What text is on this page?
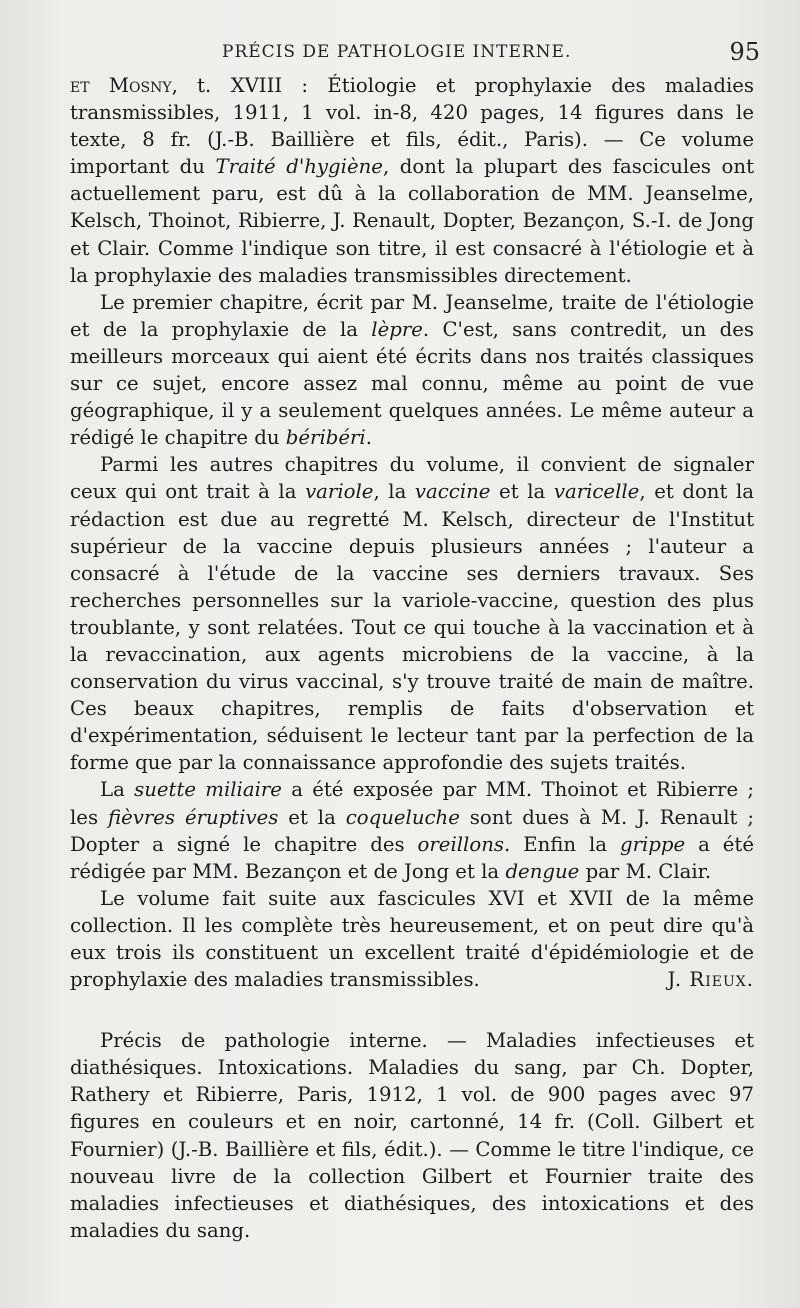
PRÉCIS DE PATHOLOGIE INTERNE.	95

et Mosny, t. XVIII : Étiologie et prophylaxie des maladies transmissibles, 1911, 1 vol. in-8, 420 pages, 14 figures dans le texte, 8 fr. (J.-B. Baillière et fils, édit., Paris). — Ce volume important du Traité d'hygiène, dont la plupart des fascicules ont actuellement paru, est dû à la collaboration de MM. Jeanselme, Kelsch, Thoinot, Ribierre, J. Renault, Dopter, Bezançon, S.-I. de Jong et Clair. Comme l'indique son titre, il est consacré à l'étiologie et à la prophylaxie des maladies transmissibles directement.

Le premier chapitre, écrit par M. Jeanselme, traite de l'étiologie et de la prophylaxie de la lèpre. C'est, sans contredit, un des meilleurs morceaux qui aient été écrits dans nos traités classiques sur ce sujet, encore assez mal connu, même au point de vue géographique, il y a seulement quelques années. Le même auteur a rédigé le chapitre du béribéri.

Parmi les autres chapitres du volume, il convient de signaler ceux qui ont trait à la variole, la vaccine et la varicelle, et dont la rédaction est due au regretté M. Kelsch, directeur de l'Institut supérieur de la vaccine depuis plusieurs années ; l'auteur a consacré à l'étude de la vaccine ses derniers travaux. Ses recherches personnelles sur la variole-vaccine, question des plus troublante, y sont relatées. Tout ce qui touche à la vaccination et à la revaccination, aux agents microbiens de la vaccine, à la conservation du virus vaccinal, s'y trouve traité de main de maître. Ces beaux chapitres, remplis de faits d'observation et d'expérimentation, séduisent le lecteur tant par la perfection de la forme que par la connaissance approfondie des sujets traités.

La suette miliaire a été exposée par MM. Thoinot et Ribierre ; les fièvres éruptives et la coqueluche sont dues à M. J. Renault ; Dopter a signé le chapitre des oreillons. Enfin la grippe a été rédigée par MM. Bezançon et de Jong et la dengue par M. Clair.

Le volume fait suite aux fascicules XVI et XVII de la même collection. Il les complète très heureusement, et on peut dire qu'à eux trois ils constituent un excellent traité d'épidémiologie et de prophylaxie des maladies transmissibles.	J. Rieux.

Précis de pathologie interne. — Maladies infectieuses et diathésiques. Intoxications. Maladies du sang, par Ch. Dopter, Rathery et Ribierre, Paris, 1912, 1 vol. de 900 pages avec 97 figures en couleurs et en noir, cartonné, 14 fr. (Coll. Gilbert et Fournier) (J.-B. Baillière et fils, édit.). — Comme le titre l'indique, ce nouveau livre de la collection Gilbert et Fournier traite des maladies infectieuses et diathésiques, des intoxications et des maladies du sang.
